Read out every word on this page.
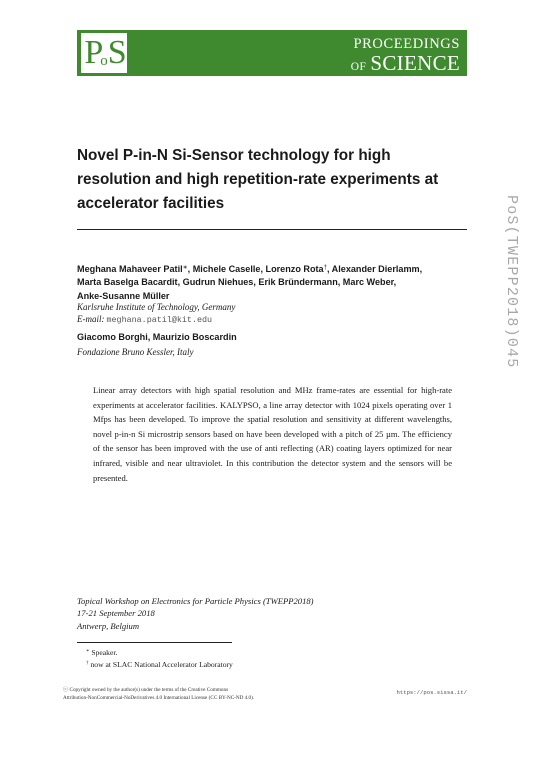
$P_oS$	PROCEEDINGS
OF SCIENCE
Novel P-in-N Si-Sensor technology for high
resolution and high repetition-rate experiments at
accelerator facilities
Meghana Mahaveer Patil∗, Michele Caselle, Lorenzo Rota†, Alexander Dierlamm,
Marta Baselga Bacardit, Gudrun Niehues, Erik Bründermann, Marc Weber,
Anke-Susanne Müller
Karlsruhe Institute of Technology, Germany
E-mail: meghana.patil@kit.edu
Giacomo Borghi, Maurizio Boscardin
Fondazione Bruno Kessler, Italy

Linear array detectors with high spatial resolution and MHz frame-rates are essential for high-rate experiments at accelerator facilities. KALYPSO, a line array detector with 1024 pixels operating over 1 Mfps has been developed. To improve the spatial resolution and sensitivity at different wavelengths, novel p-in-n Si microstrip sensors based on have been developed with a pitch of 25 µm. The efficiency of the sensor has been improved with the use of anti reflecting (AR) coating layers optimized for near infrared, visible and near ultraviolet. In this contribution the detector system and the sensors will be presented.

PoS(TWEPP2018)045
Topical Workshop on Electronics for Particle Physics (TWEPP2018)
17-21 September 2018
Antwerp, Belgium
∗ Speaker.
† now at SLAC National Accelerator Laboratory
ⓒ Copyright owned by the author(s) under the terms of the Creative Commons
Attribution-NonCommercial-NoDerivatives 4.0 International License (CC BY-NC-ND 4.0).
https://pos.sissa.it/
